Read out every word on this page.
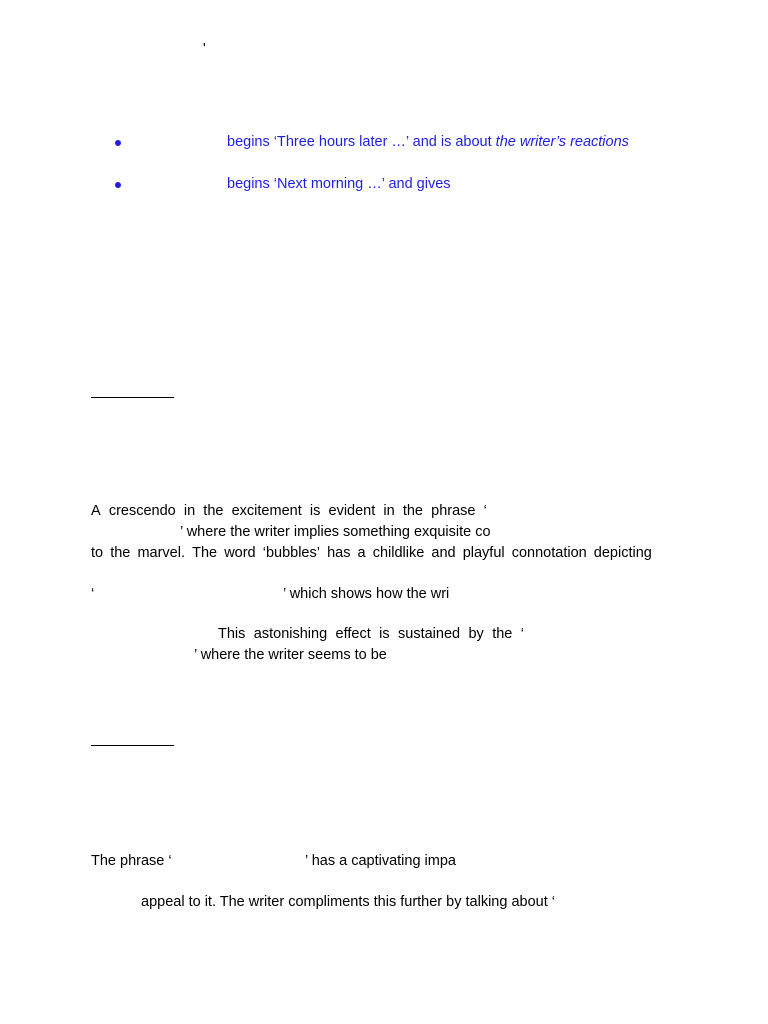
'
begins ‘Three hours later …’ and is about the writer’s reactions
begins ‘Next morning …’ and gives
A crescendo in the excitement is evident in the phrase ‘
’ where the writer implies something exquisite co
to the marvel. The word ‘bubbles’ has a childlike and playful connotation depicting
‘	’ which shows how the wri
This astonishing effect is sustained by the ‘
’ where the writer seems to be
The phrase ‘	’ has a captivating impa
appeal to it. The writer compliments this further by talking about ‘
